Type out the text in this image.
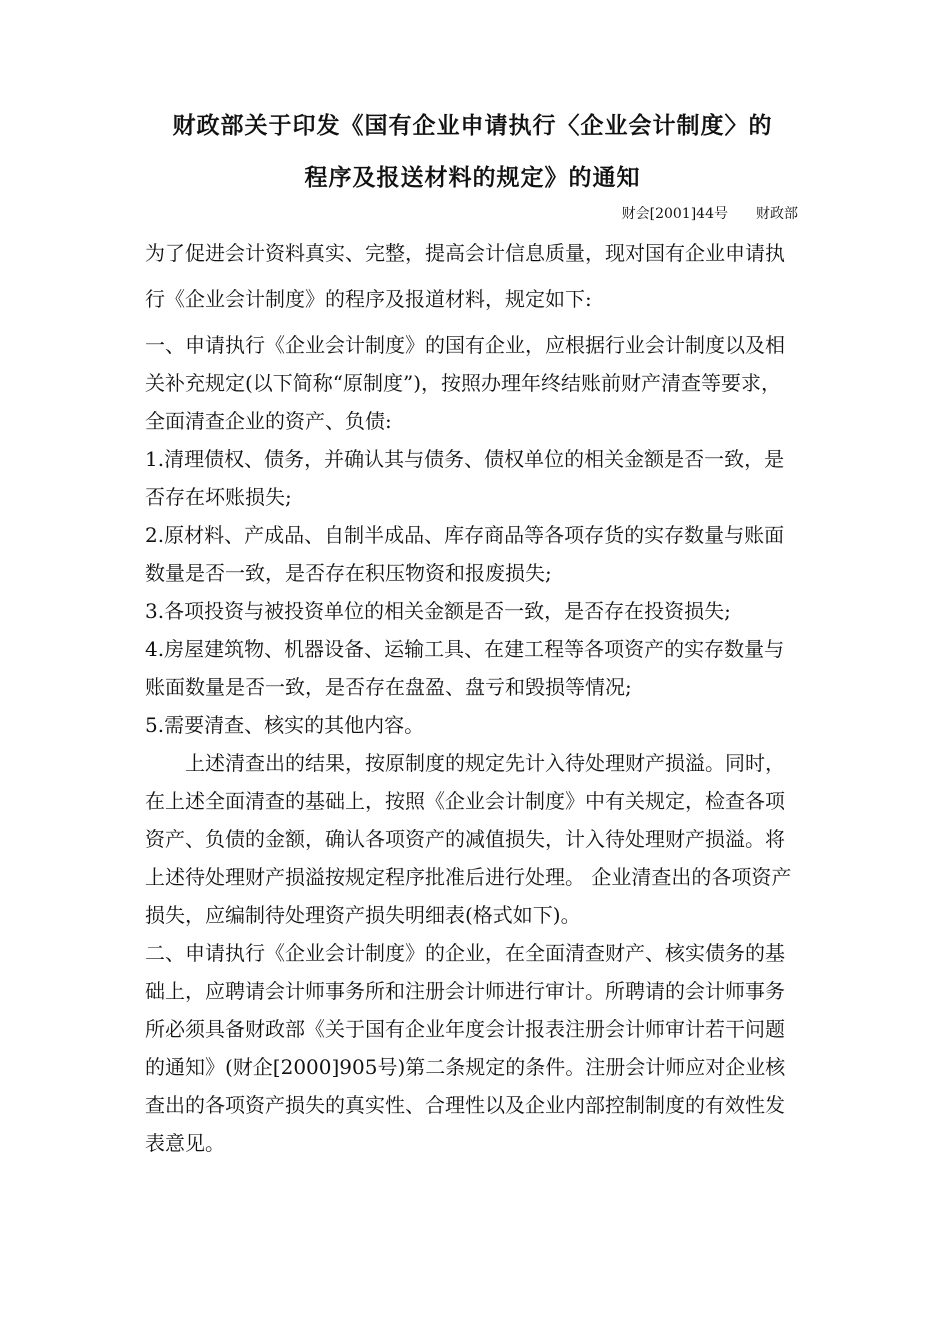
财政部关于印发《国有企业申请执行〈企业会计制度〉的
程序及报送材料的规定》的通知
财会[2001]44号 财政部

为了促进会计资料真实、完整，提高会计信息质量，现对国有企业申请执行《企业会计制度》的程序及报道材料，规定如下:

一、申请执行《企业会计制度》的国有企业，应根据行业会计制度以及相关补充规定(以下简称“原制度”)，按照办理年终结账前财产清查等要求，全面清查企业的资产、负债:

1.清理债权、债务，并确认其与债务、债权单位的相关金额是否一致，是否存在坏账损失;

2.原材料、产成品、自制半成品、库存商品等各项存货的实存数量与账面数量是否一致，是否存在积压物资和报废损失;

3.各项投资与被投资单位的相关金额是否一致，是否存在投资损失;

4.房屋建筑物、机器设备、运输工具、在建工程等各项资产的实存数量与账面数量是否一致，是否存在盘盈、盘亏和毁损等情况;

5.需要清查、核实的其他内容。

上述清查出的结果，按原制度的规定先计入待处理财产损溢。同时，在上述全面清查的基础上，按照《企业会计制度》中有关规定，检查各项资产、负债的金额，确认各项资产的减值损失，计入待处理财产损溢。将上述待处理财产损溢按规定程序批准后进行处理。 企业清查出的各项资产损失，应编制待处理资产损失明细表(格式如下)。

二、申请执行《企业会计制度》的企业，在全面清查财产、核实债务的基础上，应聘请会计师事务所和注册会计师进行审计。所聘请的会计师事务所必须具备财政部《关于国有企业年度会计报表注册会计师审计若干问题的通知》(财企[2000]905号)第二条规定的条件。注册会计师应对企业核查出的各项资产损失的真实性、合理性以及企业内部控制制度的有效性发表意见。
